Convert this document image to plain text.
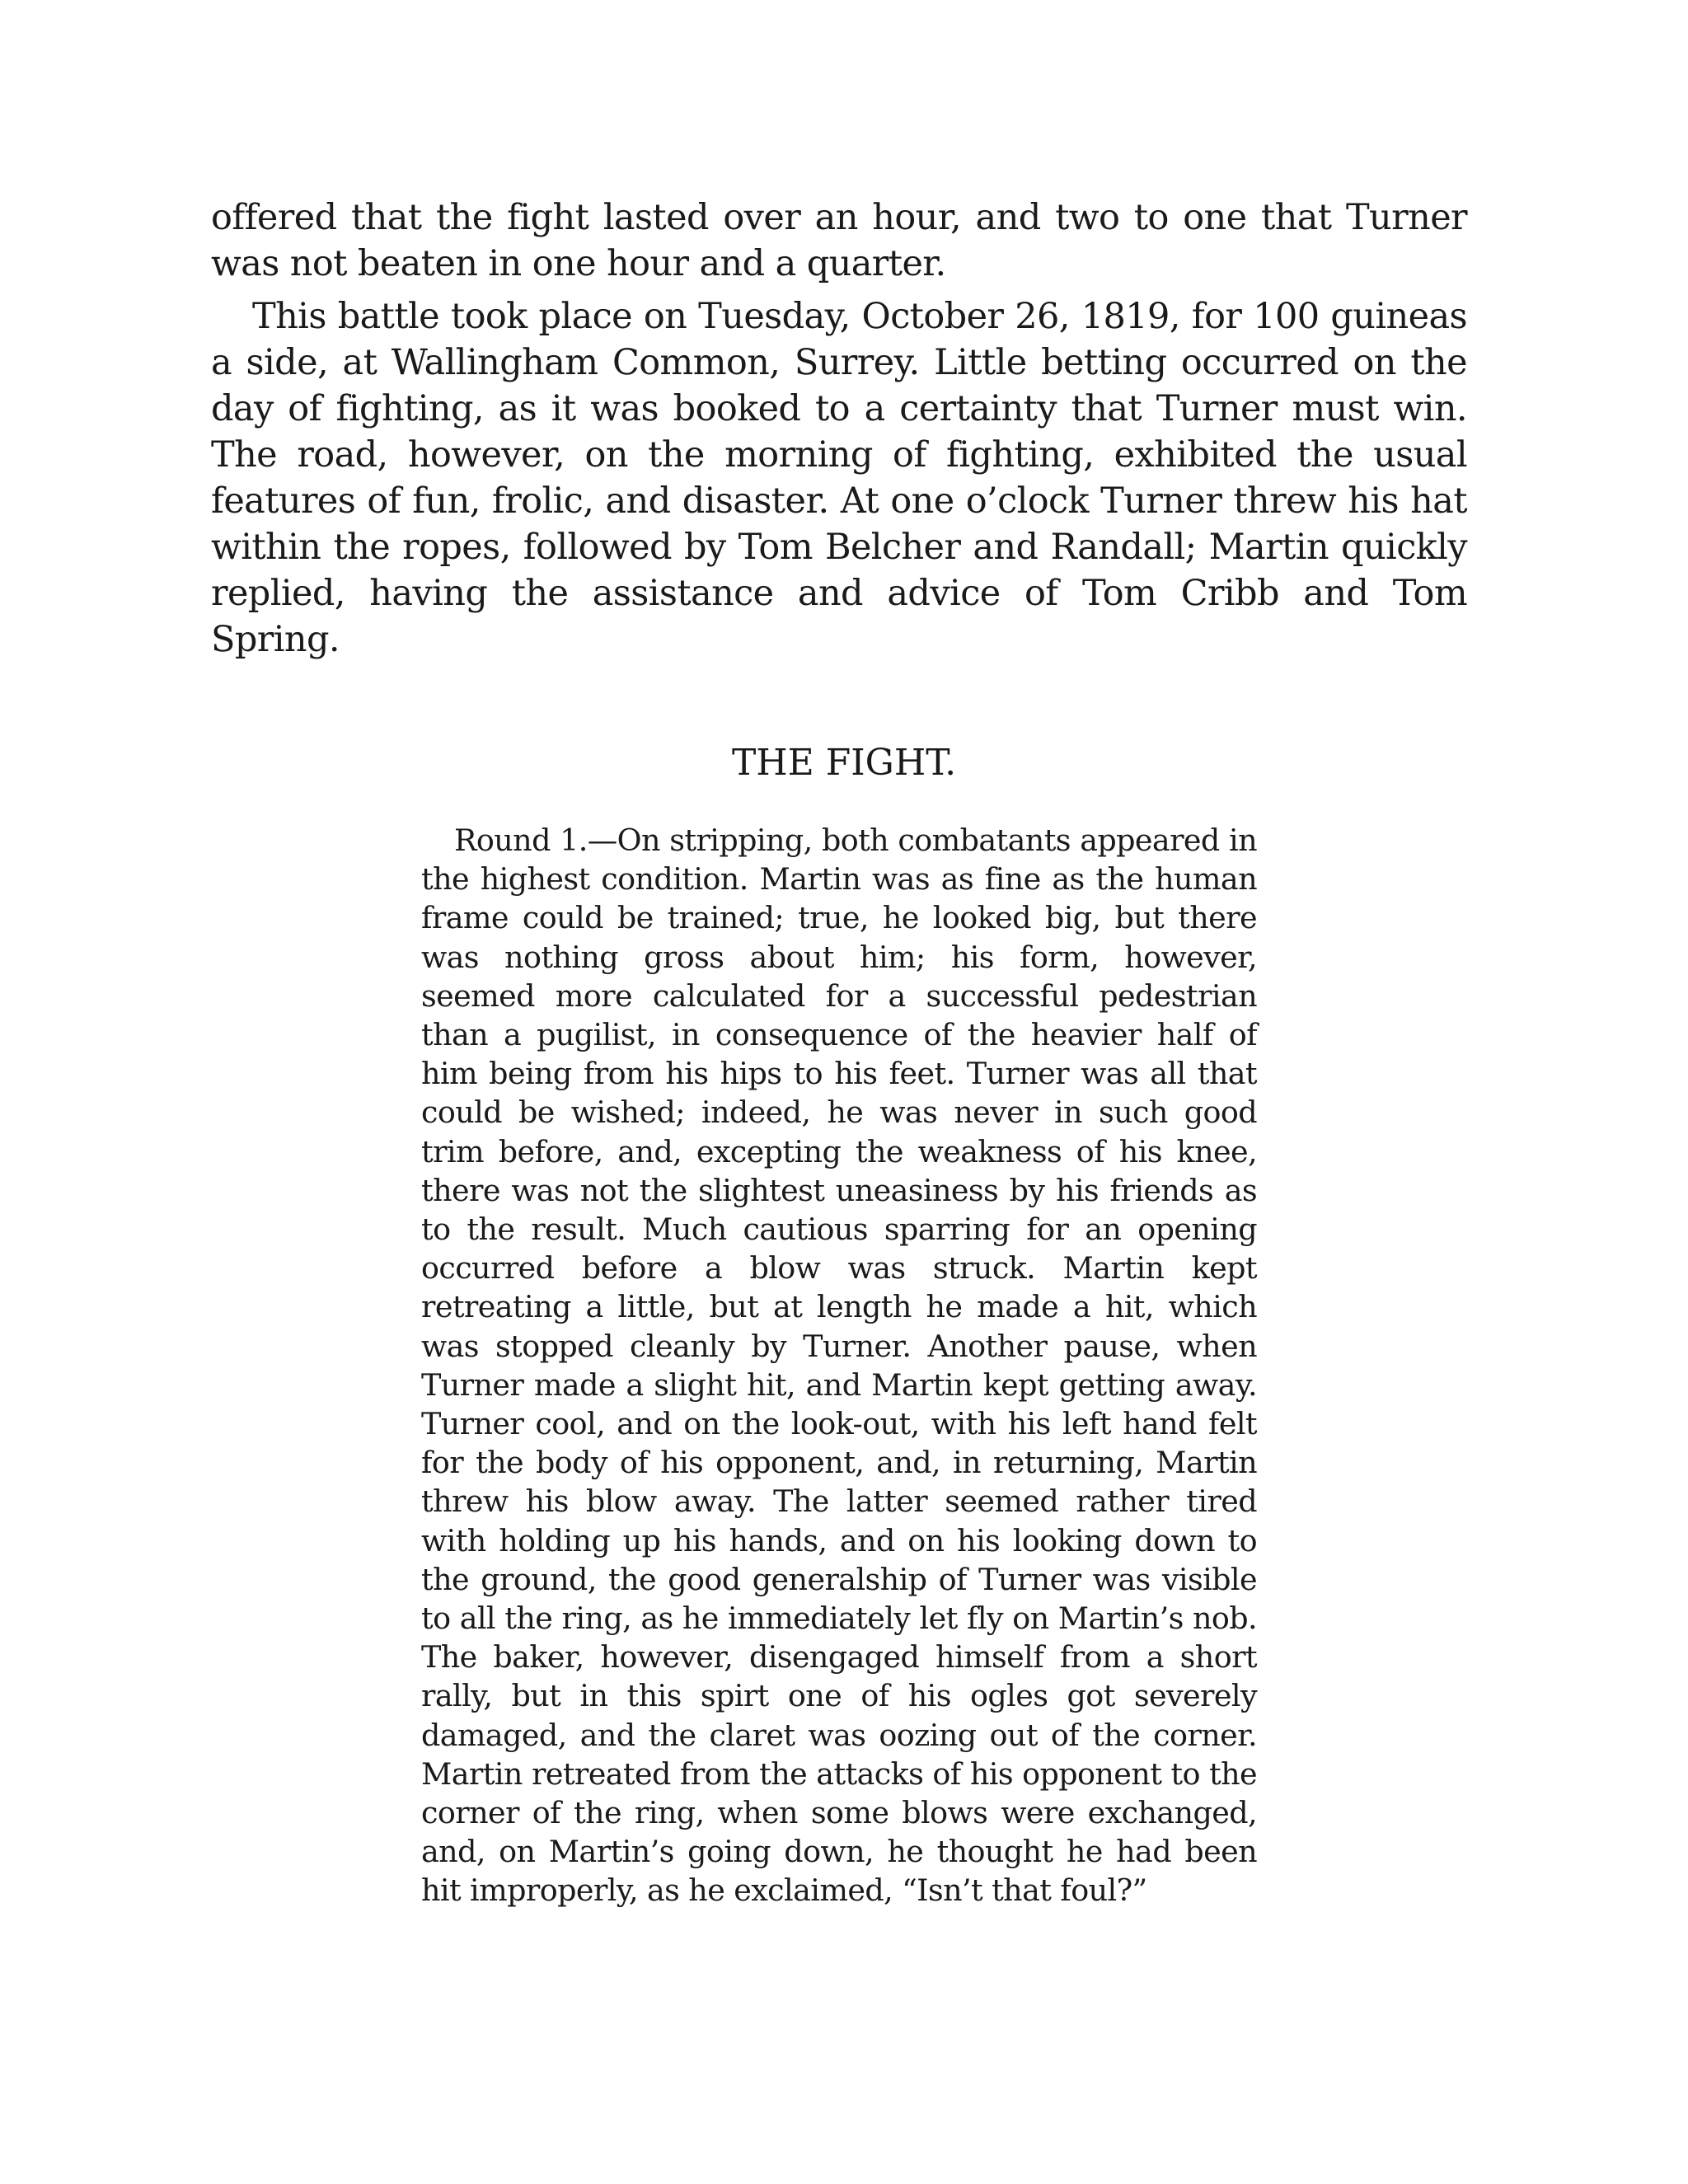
offered that the fight lasted over an hour, and two to one that Turner was not beaten in one hour and a quarter.

This battle took place on Tuesday, October 26, 1819, for 100 guineas a side, at Wallingham Common, Surrey. Little betting occurred on the day of fighting, as it was booked to a certainty that Turner must win. The road, however, on the morning of fighting, exhibited the usual features of fun, frolic, and disaster. At one o’clock Turner threw his hat within the ropes, followed by Tom Belcher and Randall; Martin quickly replied, having the assistance and advice of Tom Cribb and Tom Spring.

THE FIGHT.

Round 1.—On stripping, both combatants appeared in the highest condition. Martin was as fine as the human frame could be trained; true, he looked big, but there was nothing gross about him; his form, however, seemed more calculated for a successful pedestrian than a pugilist, in consequence of the heavier half of him being from his hips to his feet. Turner was all that could be wished; indeed, he was never in such good trim before, and, excepting the weakness of his knee, there was not the slightest uneasiness by his friends as to the result. Much cautious sparring for an opening occurred before a blow was struck. Martin kept retreating a little, but at length he made a hit, which was stopped cleanly by Turner. Another pause, when Turner made a slight hit, and Martin kept getting away. Turner cool, and on the look-out, with his left hand felt for the body of his opponent, and, in returning, Martin threw his blow away. The latter seemed rather tired with holding up his hands, and on his looking down to the ground, the good generalship of Turner was visible to all the ring, as he immediately let fly on Martin’s nob. The baker, however, disengaged himself from a short rally, but in this spirt one of his ogles got severely damaged, and the claret was oozing out of the corner. Martin retreated from the attacks of his opponent to the corner of the ring, when some blows were exchanged, and, on Martin’s going down, he thought he had been hit improperly, as he exclaimed, “Isn’t that foul?”
